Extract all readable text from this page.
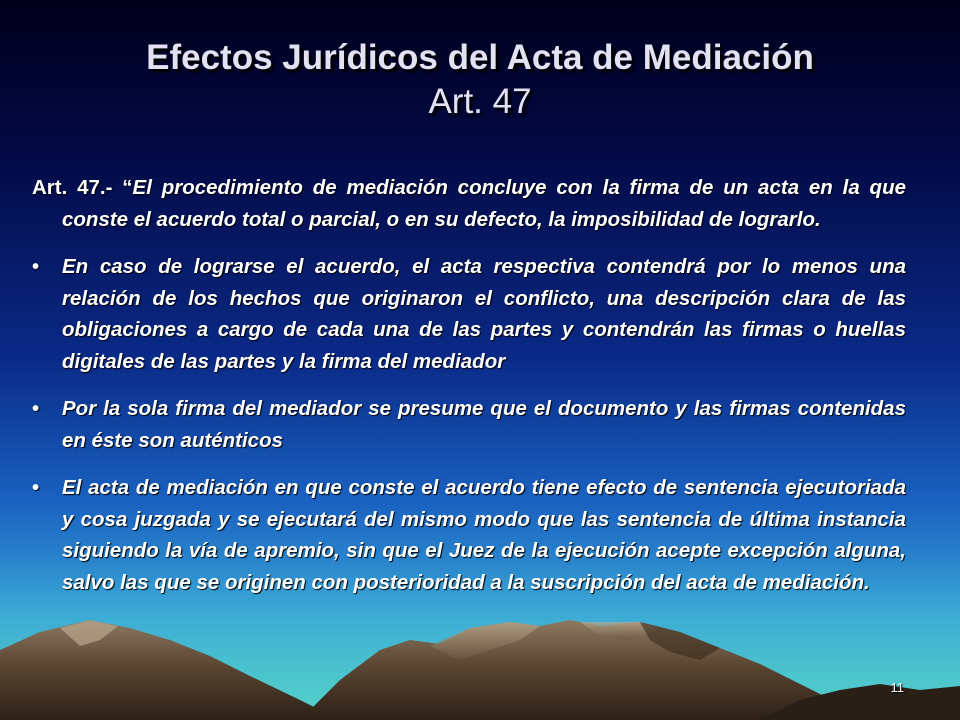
Efectos Jurídicos del Acta de Mediación
Art. 47

Art. 47.- “El procedimiento de mediación concluye con la firma de un acta en la que conste el acuerdo total o parcial, o en su defecto, la imposibilidad de lograrlo.

• En caso de lograrse el acuerdo, el acta respectiva contendrá por lo menos una relación de los hechos que originaron el conflicto, una descripción clara de las obligaciones a cargo de cada una de las partes y contendrán las firmas o huellas digitales de las partes y la firma del mediador

• Por la sola firma del mediador se presume que el documento y las firmas contenidas en éste son auténticos

• El acta de mediación en que conste el acuerdo tiene efecto de sentencia ejecutoriada y cosa juzgada y se ejecutará del mismo modo que las sentencia de última instancia siguiendo la vía de apremio, sin que el Juez de la ejecución acepte excepción alguna, salvo las que se originen con posterioridad a la suscripción del acta de mediación.

11
